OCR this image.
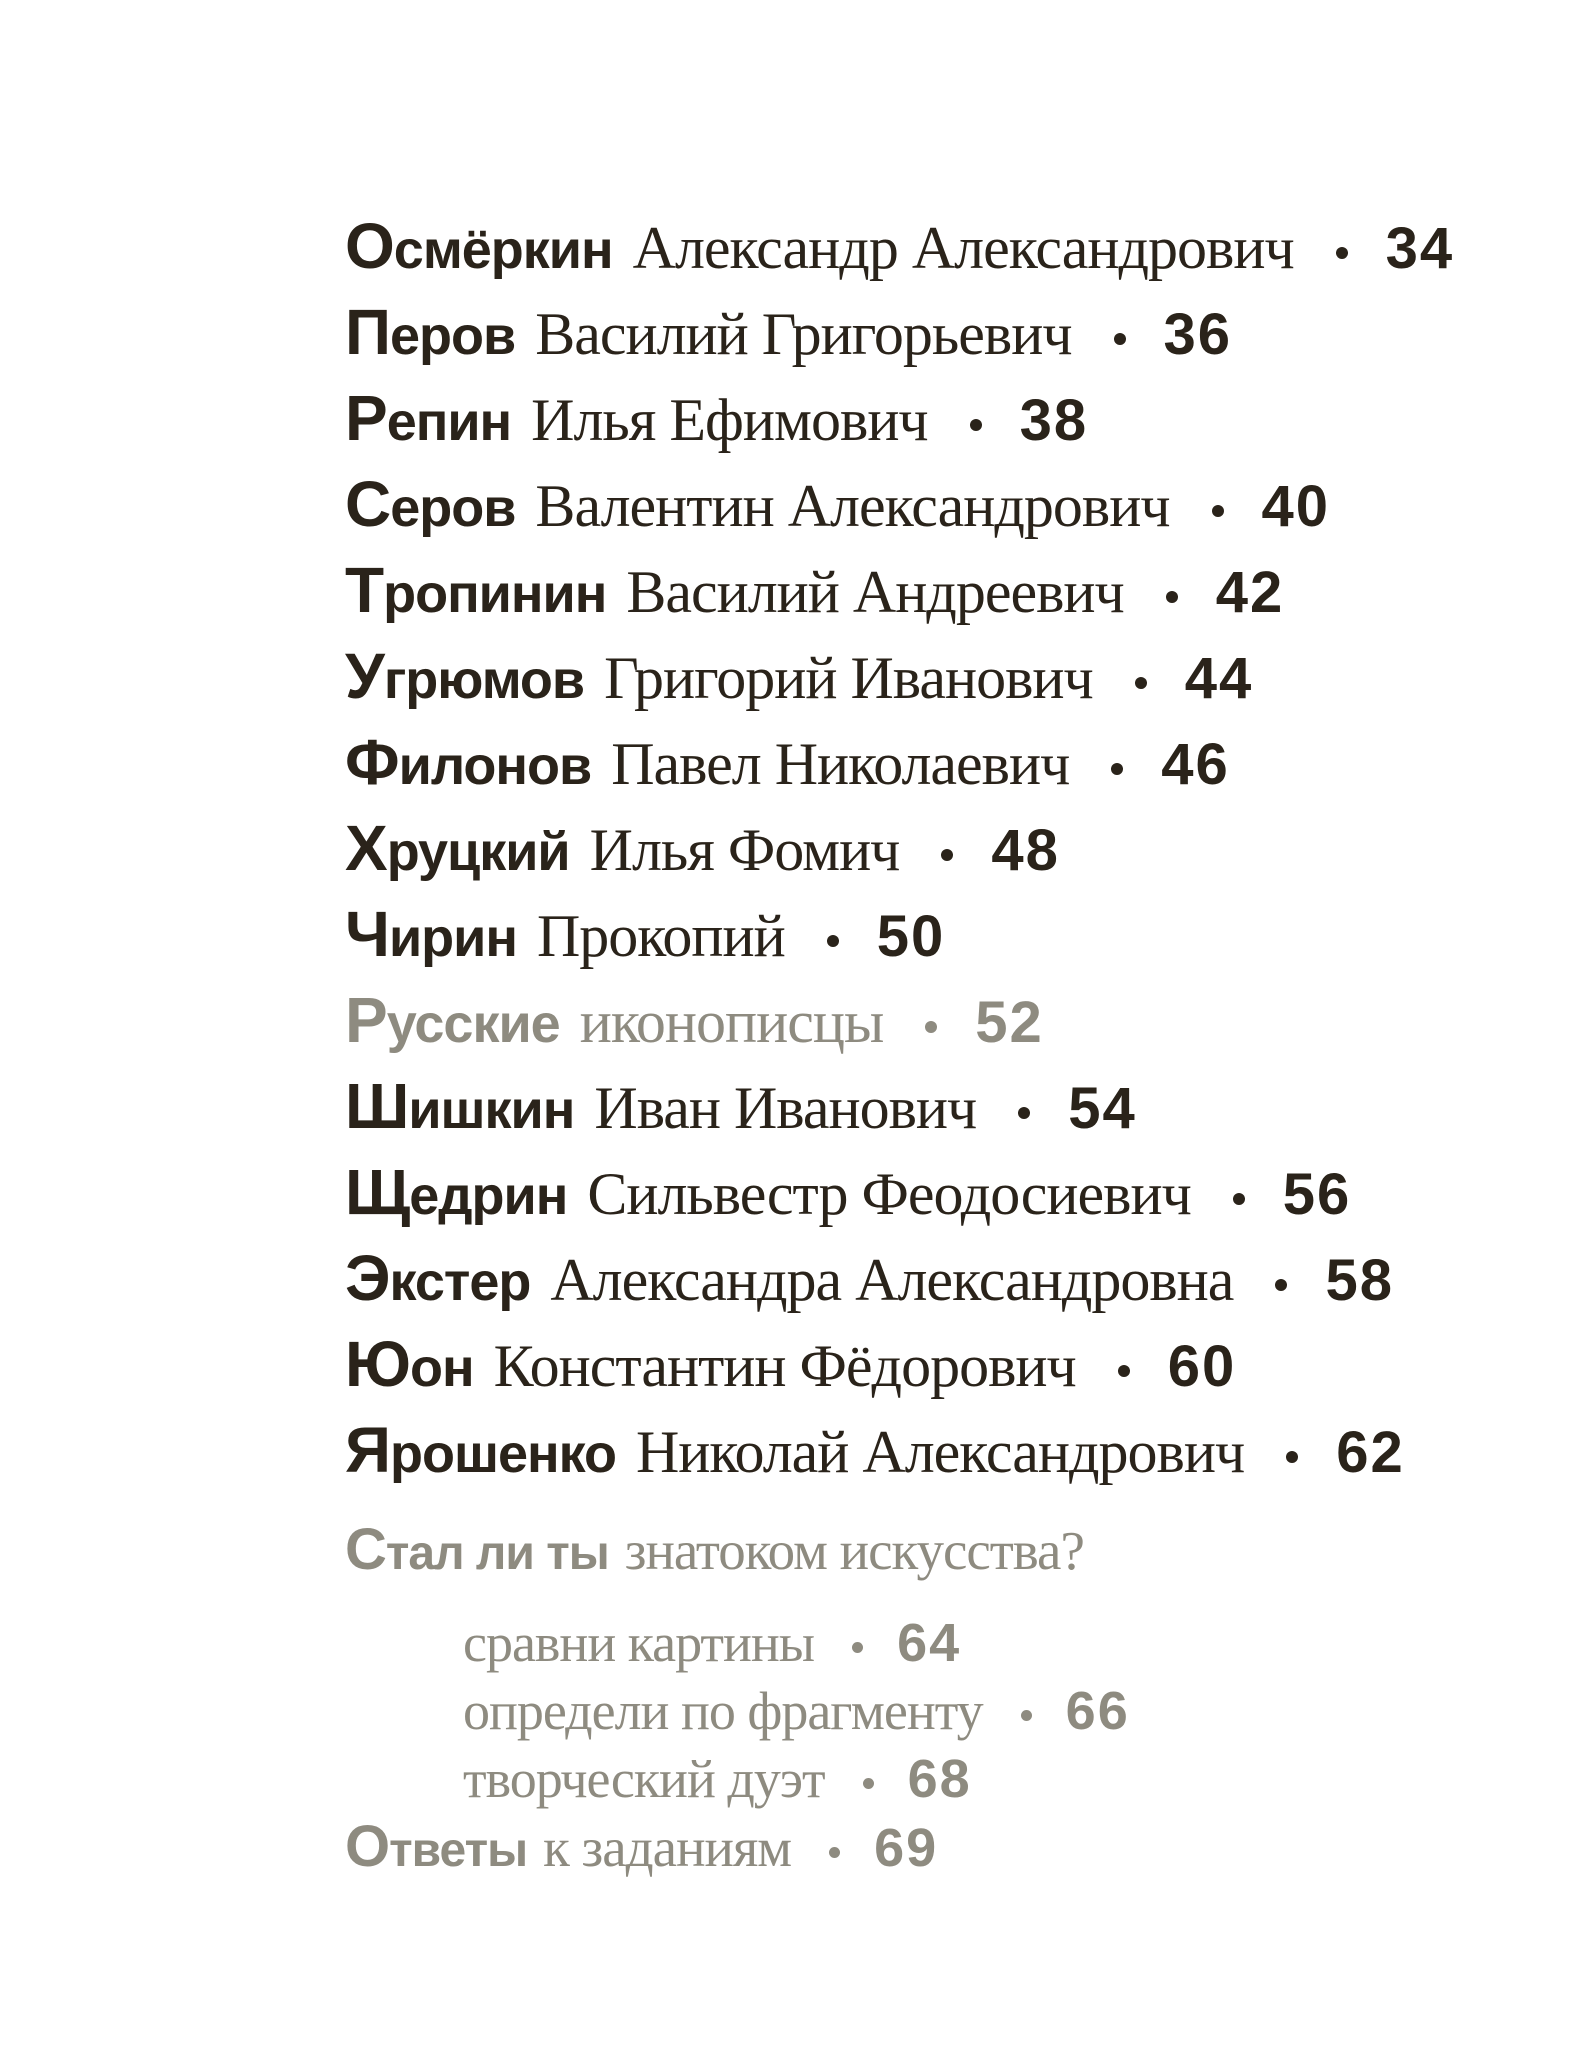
Осмёркин Александр Александрович 34
Перов Василий Григорьевич 36
Репин Илья Ефимович 38
Серов Валентин Александрович 40
Тропинин Василий Андреевич 42
Угрюмов Григорий Иванович 44
Филонов Павел Николаевич 46
Хруцкий Илья Фомич 48
Чирин Прокопий 50
Русские иконописцы 52
Шишкин Иван Иванович 54
Щедрин Сильвестр Феодосиевич 56
Экстер Александра Александровна 58
Юон Константин Фёдорович 60
Ярошенко Николай Александрович 62
Стал ли ты знатоком искусства?
сравни картины 64
определи по фрагменту 66
творческий дуэт 68
Ответы к заданиям 69
